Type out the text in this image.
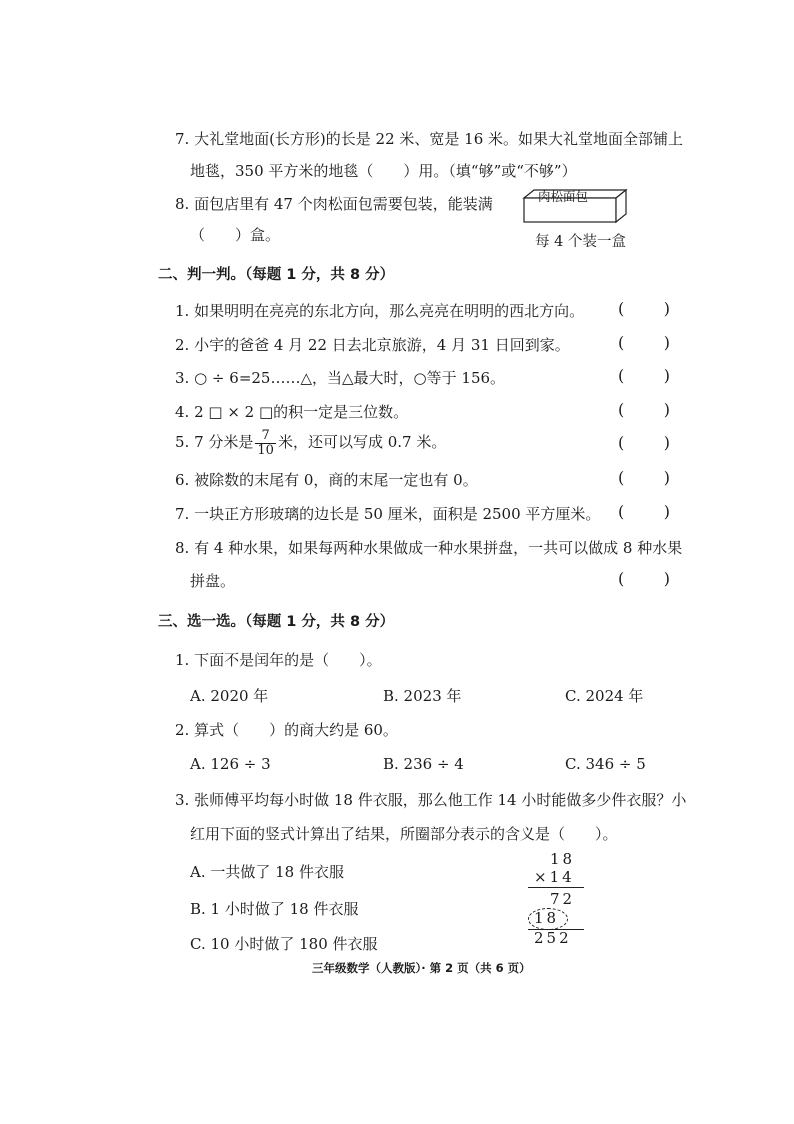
7. 大礼堂地面(长方形)的长是 22 米、宽是 16 米。如果大礼堂地面全部铺上
地毯，350 平方米的地毯（　　）用。（填“够”或“不够”）
8. 面包店里有 47 个肉松面包需要包装，能装满
（　　）盒。
肉松面包
每 4 个装一盒
二、判一判。（每题 1 分，共 8 分）
1. 如果明明在亮亮的东北方向，那么亮亮在明明的西北方向。 ( )
2. 小宇的爸爸 4 月 22 日去北京旅游，4 月 31 日回到家。	( )
3. ○ ÷ 6=25……△，当△最大时，○等于 156。	( )
4. 2 □ × 2 □的积一定是三位数。	( )
5. 7 分米是 $\frac{7}{10}$ 米，还可以写成 0.7 米。	( )
6. 被除数的末尾有 0，商的末尾一定也有 0。	( )
7. 一块正方形玻璃的边长是 50 厘米，面积是 2500 平方厘米。 ( )
8. 有 4 种水果，如果每两种水果做成一种水果拼盘，一共可以做成 8 种水果
拼盘。	( )
三、选一选。（每题 1 分，共 8 分）
1. 下面不是闰年的是（　　）。
A. 2020 年	B. 2023 年	C. 2024 年
2. 算式（　　）的商大约是 60。
A. 126 ÷ 3	B. 236 ÷ 4	C. 346 ÷ 5
3. 张师傅平均每小时做 18 件衣服，那么他工作 14 小时能做多少件衣服？小
红用下面的竖式计算出了结果，所圈部分表示的含义是（　　）。
A. 一共做了 18 件衣服
B. 1 小时做了 18 件衣服
C. 10 小时做了 180 件衣服
18
×14
72
18
252
三年级数学（人教版）· 第 2 页（共 6 页）
